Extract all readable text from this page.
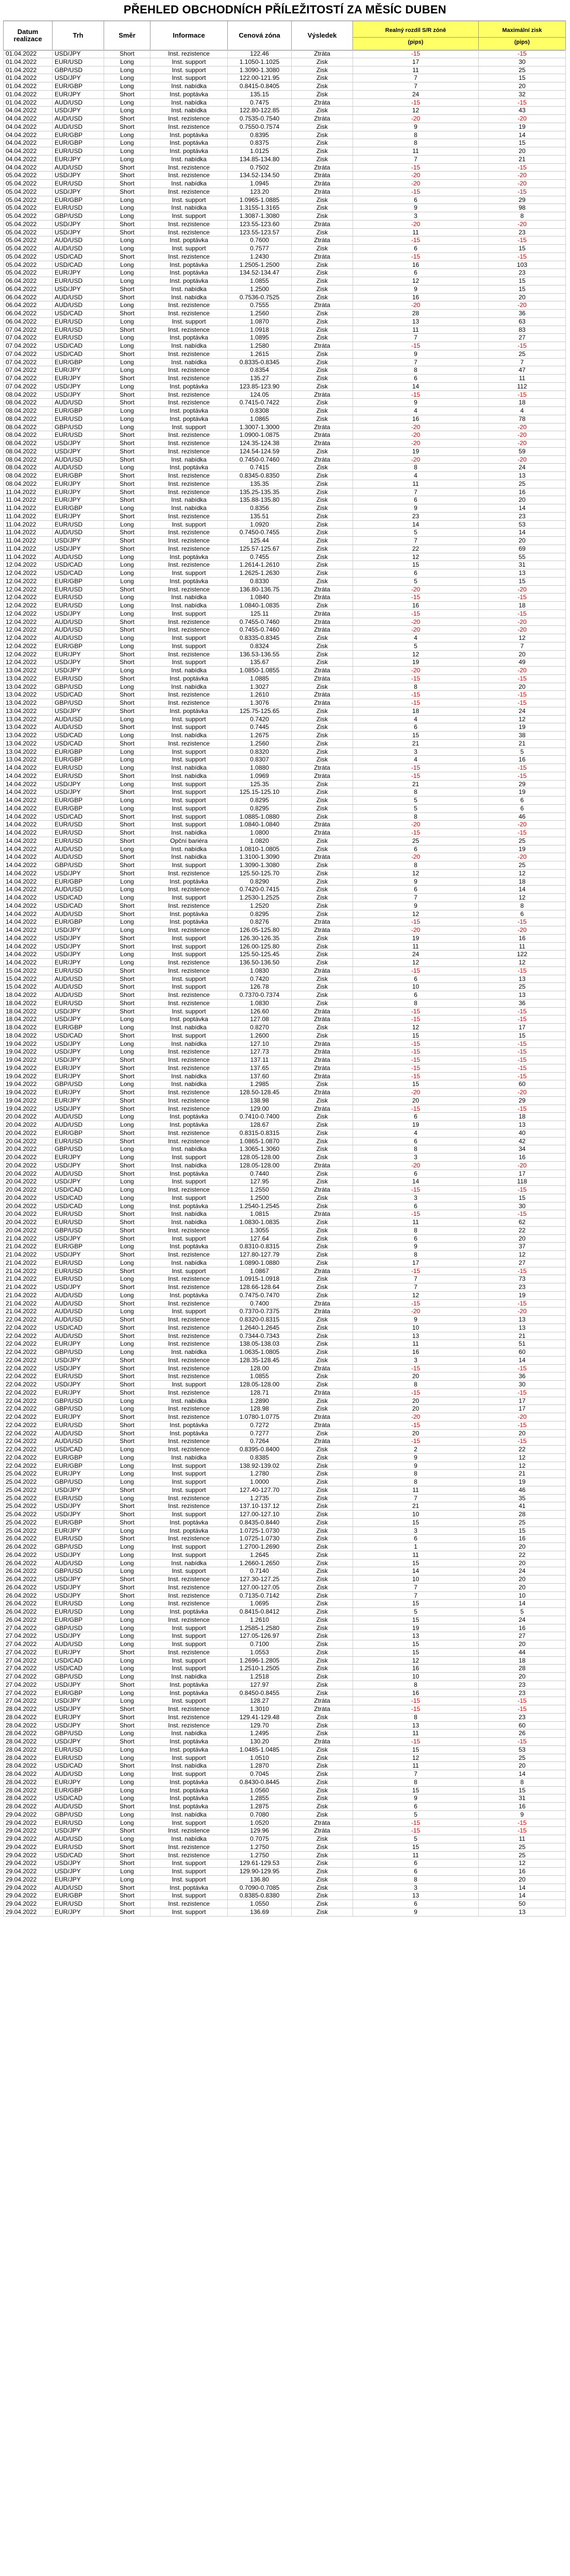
PŘEHLED OBCHODNÍCH PŘÍLEŽITOSTÍ ZA MĚSÍC DUBEN
Datum realizace	Trh	Směr	Informace	Cenová zóna	Výsledek
Realný rozdíl S/R zóně
(pips)
Maximální zisk
(pips)
01.04.2022	USD/JPY	Short	Inst. rezistence	122.46	Ztráta	-15	-15
01.04.2022	EUR/USD	Long	Inst. support	1.1050-1.1025	Zisk	17	30
01.04.2022	GBP/USD	Long	Inst. support	1.3090-1.3080	Zisk	11	25
01.04.2022	USD/JPY	Long	Inst. support	122.00-121.95	Zisk	7	15
01.04.2022	EUR/GBP	Long	Inst. nabídka	0.8415-0.8405	Zisk	7	20
01.04.2022	EUR/JPY	Short	Inst. poptávka	135.15	Zisk	24	32
01.04.2022	AUD/USD	Long	Inst. nabídka	0.7475	Ztráta	-15	-15
04.04.2022	USD/JPY	Long	Inst. nabídka	122.80-122.85	Zisk	12	43
04.04.2022	AUD/USD	Short	Inst. rezistence	0.7535-0.7540	Ztráta	-20	-20
04.04.2022	AUD/USD	Short	Inst. rezistence	0.7550-0.7574	Zisk	9	19
04.04.2022	EUR/GBP	Long	Inst. poptávka	0.8395	Zisk	8	14
04.04.2022	EUR/GBP	Long	Inst. poptávka	0.8375	Zisk	8	15
04.04.2022	EUR/USD	Long	Inst. poptávka	1.0125	Zisk	11	20
04.04.2022	EUR/JPY	Long	Inst. nabídka	134.85-134.80	Zisk	7	21
04.04.2022	AUD/USD	Short	Inst. rezistence	0.7502	Ztráta	-15	-15
05.04.2022	USD/JPY	Short	Inst. rezistence	134.52-134.50	Ztráta	-20	-20
05.04.2022	EUR/USD	Short	Inst. nabídka	1.0945	Ztráta	-20	-20
05.04.2022	USD/JPY	Short	Inst. rezistence	123.20	Ztráta	-15	-15
05.04.2022	EUR/GBP	Long	Inst. support	1.0965-1.0885	Zisk	6	29
05.04.2022	EUR/USD	Long	Inst. nabídka	1.3155-1.3165	Zisk	9	98
05.04.2022	GBP/USD	Long	Inst. support	1.3087-1.3080	Zisk	3	8
05.04.2022	USD/JPY	Short	Inst. rezistence	123.55-123.60	Ztráta	-20	-20
05.04.2022	USD/JPY	Short	Inst. rezistence	123.55-123.57	Zisk	11	23
05.04.2022	AUD/USD	Long	Inst. poptávka	0.7600	Ztráta	-15	-15
05.04.2022	AUD/USD	Long	Inst. support	0.7577	Zisk	6	15
05.04.2022	USD/CAD	Short	Inst. rezistence	1.2430	Ztráta	-15	-15
05.04.2022	USD/CAD	Long	Inst. poptávka	1.2505-1.2500	Zisk	16	103
05.04.2022	EUR/JPY	Long	Inst. poptávka	134.52-134.47	Zisk	6	23
06.04.2022	EUR/USD	Long	Inst. poptávka	1.0855	Zisk	12	15
06.04.2022	USD/JPY	Short	Inst. nabídka	1.2500	Zisk	9	15
06.04.2022	AUD/USD	Short	Inst. nabídka	0.7536-0.7525	Zisk	16	20
06.04.2022	AUD/USD	Long	Inst. rezistence	0.7555	Ztráta	-20	-20
06.04.2022	USD/CAD	Short	Inst. rezistence	1.2560	Zisk	28	36
06.04.2022	EUR/USD	Long	Inst. support	1.0870	Zisk	13	63
07.04.2022	EUR/USD	Short	Inst. rezistence	1.0918	Zisk	11	83
07.04.2022	EUR/USD	Long	Inst. poptávka	1.0895	Zisk	7	27
07.04.2022	USD/CAD	Long	Inst. nabídka	1.2580	Ztráta	-15	-15
07.04.2022	USD/CAD	Short	Inst. rezistence	1.2615	Zisk	9	25
07.04.2022	EUR/GBP	Long	Inst. nabídka	0.8335-0.8345	Zisk	7	7
07.04.2022	EUR/JPY	Long	Inst. rezistence	0.8354	Zisk	8	47
07.04.2022	EUR/JPY	Short	Inst. rezistence	135.27	Zisk	6	11
07.04.2022	USD/JPY	Long	Inst. poptávka	123.85-123.90	Zisk	14	112
08.04.2022	USD/JPY	Short	Inst. rezistence	124.05	Ztráta	-15	-15
08.04.2022	AUD/USD	Short	Inst. rezistence	0.7415-0.7422	Zisk	9	18
08.04.2022	EUR/GBP	Long	Inst. poptávka	0.8308	Zisk	4	4
08.04.2022	EUR/USD	Long	Inst. poptávka	1.0865	Zisk	16	78
08.04.2022	GBP/USD	Long	Inst. support	1.3007-1.3000	Ztráta	-20	-20
08.04.2022	EUR/USD	Short	Inst. rezistence	1.0900-1.0875	Ztráta	-20	-20
08.04.2022	USD/JPY	Short	Inst. rezistence	124.35-124.38	Ztráta	-20	-20
08.04.2022	USD/JPY	Short	Inst. rezistence	124.54-124.59	Zisk	19	59
08.04.2022	AUD/USD	Short	Inst. nabídka	0.7450-0.7460	Ztráta	-20	-20
08.04.2022	AUD/USD	Long	Inst. poptávka	0.7415	Zisk	8	24
08.04.2022	EUR/GBP	Short	Inst. rezistence	0.8345-0.8350	Zisk	4	13
08.04.2022	EUR/JPY	Short	Inst. rezistence	135.35	Zisk	11	25
11.04.2022	EUR/JPY	Short	Inst. rezistence	135.25-135.35	Zisk	7	16
11.04.2022	EUR/JPY	Short	Inst. nabídka	135.88-135.80	Zisk	6	20
11.04.2022	EUR/GBP	Long	Inst. nabídka	0.8356	Zisk	9	14
11.04.2022	EUR/JPY	Short	Inst. rezistence	135.51	Zisk	23	23
11.04.2022	EUR/USD	Long	Inst. support	1.0920	Zisk	14	53
11.04.2022	AUD/USD	Short	Inst. rezistence	0.7450-0.7455	Zisk	5	14
11.04.2022	USD/JPY	Short	Inst. rezistence	125.44	Zisk	7	20
11.04.2022	USD/JPY	Short	Inst. rezistence	125.57-125.67	Zisk	22	69
11.04.2022	AUD/USD	Long	Inst. poptávka	0.7455	Zisk	12	55
12.04.2022	USD/CAD	Long	Inst. rezistence	1.2614-1.2610	Zisk	15	31
12.04.2022	USD/CAD	Long	Inst. support	1.2625-1.2630	Zisk	6	13
12.04.2022	EUR/GBP	Long	Inst. poptávka	0.8330	Zisk	5	15
12.04.2022	EUR/USD	Short	Inst. rezistence	136.80-136.75	Ztráta	-20	-20
12.04.2022	EUR/USD	Long	Inst. nabídka	1.0840	Ztráta	-15	-15
12.04.2022	EUR/USD	Long	Inst. nabídka	1.0840-1.0835	Zisk	16	18
12.04.2022	USD/JPY	Long	Inst. support	125.11	Ztráta	-15	-15
12.04.2022	AUD/USD	Short	Inst. rezistence	0.7455-0.7460	Ztráta	-20	-20
12.04.2022	AUD/USD	Short	Inst. rezistence	0.7455-0.7460	Ztráta	-20	-20
12.04.2022	AUD/USD	Long	Inst. support	0.8335-0.8345	Zisk	4	12
12.04.2022	EUR/GBP	Long	Inst. support	0.8324	Zisk	5	7
12.04.2022	EUR/JPY	Short	Inst. rezistence	136.53-136.55	Zisk	12	20
12.04.2022	USD/JPY	Short	Inst. support	135.67	Zisk	19	49
13.04.2022	USD/JPY	Long	Inst. nabídka	1.0850-1.0855	Ztráta	-20	-20
13.04.2022	EUR/USD	Short	Inst. poptávka	1.0885	Ztráta	-15	-15
13.04.2022	GBP/USD	Long	Inst. nabídka	1.3027	Zisk	8	20
13.04.2022	USD/CAD	Short	Inst. rezistence	1.2610	Ztráta	-15	-15
13.04.2022	GBP/USD	Short	Inst. rezistence	1.3076	Ztráta	-15	-15
13.04.2022	USD/JPY	Short	Inst. poptávka	125.75-125.65	Zisk	18	24
13.04.2022	AUD/USD	Long	Inst. support	0.7420	Zisk	4	12
13.04.2022	AUD/USD	Short	Inst. support	0.7445	Zisk	6	19
13.04.2022	USD/CAD	Long	Inst. nabídka	1.2675	Zisk	15	38
13.04.2022	USD/CAD	Short	Inst. rezistence	1.2560	Zisk	21	21
13.04.2022	EUR/GBP	Long	Inst. support	0.8320	Zisk	3	5
13.04.2022	EUR/GBP	Long	Inst. support	0.8307	Zisk	4	16
14.04.2022	EUR/USD	Long	Inst. nabídka	1.0880	Ztráta	-15	-15
14.04.2022	EUR/USD	Short	Inst. nabídka	1.0969	Ztráta	-15	-15
14.04.2022	USD/JPY	Long	Inst. support	125.35	Zisk	21	29
14.04.2022	USD/JPY	Short	Inst. support	125.15-125.10	Zisk	8	19
14.04.2022	EUR/GBP	Long	Inst. support	0.8295	Zisk	5	6
14.04.2022	EUR/GBP	Long	Inst. support	0.8295	Zisk	5	6
14.04.2022	USD/CAD	Short	Inst. support	1.0885-1.0880	Zisk	8	46
14.04.2022	EUR/USD	Short	Inst. support	1.0840-1.0840	Ztráta	-20	-20
14.04.2022	EUR/USD	Short	Inst. nabídka	1.0800	Ztráta	-15	-15
14.04.2022	EUR/USD	Short	Opční bariéra	1.0820	Zisk	25	25
14.04.2022	AUD/USD	Long	Inst. nabídka	1.0810-1.0805	Zisk	6	19
14.04.2022	AUD/USD	Short	Inst. nabídka	1.3100-1.3090	Ztráta	-20	-20
14.04.2022	GBP/USD	Short	Inst. support	1.3090-1.3080	Zisk	8	25
14.04.2022	USD/JPY	Short	Inst. rezistence	125.50-125.70	Zisk	12	12
14.04.2022	EUR/GBP	Long	Inst. poptávka	0.8290	Zisk	9	18
14.04.2022	AUD/USD	Long	Inst. rezistence	0.7420-0.7415	Zisk	6	14
14.04.2022	USD/CAD	Long	Inst. support	1.2530-1.2525	Zisk	7	12
14.04.2022	USD/CAD	Short	Inst. rezistence	1.2520	Zisk	9	8
14.04.2022	AUD/USD	Short	Inst. poptávka	0.8295	Zisk	12	6
14.04.2022	EUR/GBP	Long	Inst. poptávka	0.8276	Ztráta	-15	-15
14.04.2022	USD/JPY	Long	Inst. rezistence	126.05-125.80	Ztráta	-20	-20
14.04.2022	USD/JPY	Short	Inst. support	126.30-126.35	Zisk	19	16
14.04.2022	USD/JPY	Short	Inst. support	126.00-125.80	Zisk	11	11
14.04.2022	USD/JPY	Long	Inst. support	125.50-125.45	Zisk	24	122
14.04.2022	EUR/JPY	Long	Inst. rezistence	136.50-136.50	Zisk	12	12
15.04.2022	EUR/USD	Short	Inst. rezistence	1.0830	Ztráta	-15	-15
15.04.2022	AUD/USD	Short	Inst. support	0.7420	Zisk	6	13
15.04.2022	AUD/USD	Short	Inst. support	126.78	Zisk	10	25
18.04.2022	AUD/USD	Short	Inst. rezistence	0.7370-0.7374	Zisk	6	13
18.04.2022	EUR/USD	Short	Inst. rezistence	1.0830	Zisk	8	36
18.04.2022	USD/JPY	Short	Inst. support	126.60	Ztráta	-15	-15
18.04.2022	USD/JPY	Long	Inst. poptávka	127.08	Ztráta	-15	-15
18.04.2022	EUR/GBP	Long	Inst. nabídka	0.8270	Zisk	12	17
18.04.2022	USD/CAD	Short	Inst. support	1.2600	Zisk	15	15
19.04.2022	USD/JPY	Long	Inst. nabídka	127.10	Ztráta	-15	-15
19.04.2022	USD/JPY	Long	Inst. rezistence	127.73	Ztráta	-15	-15
19.04.2022	USD/JPY	Short	Inst. rezistence	137.11	Ztráta	-15	-15
19.04.2022	EUR/JPY	Short	Inst. rezistence	137.65	Ztráta	-15	-15
19.04.2022	EUR/JPY	Short	Inst. nabídka	137.60	Ztráta	-15	-15
19.04.2022	GBP/USD	Long	Inst. nabídka	1.2985	Zisk	15	60
19.04.2022	EUR/JPY	Short	Inst. rezistence	128.50-128.45	Ztráta	-20	-20
19.04.2022	EUR/JPY	Short	Inst. rezistence	138.98	Zisk	20	29
19.04.2022	USD/JPY	Short	Inst. rezistence	129.00	Ztráta	-15	-15
20.04.2022	AUD/USD	Long	Inst. poptávka	0.7410-0.7400	Zisk	6	18
20.04.2022	AUD/USD	Long	Inst. poptávka	128.67	Zisk	19	13
20.04.2022	EUR/GBP	Short	Inst. rezistence	0.8315-0.8315	Zisk	4	40
20.04.2022	EUR/USD	Short	Inst. rezistence	1.0865-1.0870	Zisk	6	42
20.04.2022	GBP/USD	Long	Inst. nabídka	1.3065-1.3060	Zisk	8	34
20.04.2022	EUR/JPY	Long	Inst. support	128.05-128.00	Zisk	3	16
20.04.2022	USD/JPY	Short	Inst. nabídka	128.05-128.00	Ztráta	-20	-20
20.04.2022	AUD/USD	Short	Inst. poptávka	0.7440	Zisk	6	17
20.04.2022	USD/JPY	Long	Inst. support	127.95	Zisk	14	118
20.04.2022	USD/CAD	Long	Inst. rezistence	1.2550	Ztráta	-15	-15
20.04.2022	USD/CAD	Long	Inst. support	1.2500	Zisk	3	15
20.04.2022	USD/CAD	Long	Inst. poptávka	1.2540-1.2545	Zisk	6	30
20.04.2022	EUR/USD	Short	Inst. nabídka	1.0815	Ztráta	-15	-15
20.04.2022	EUR/USD	Short	Inst. nabídka	1.0830-1.0835	Zisk	11	62
20.04.2022	GBP/USD	Short	Inst. rezistence	1.3055	Zisk	8	22
21.04.2022	USD/JPY	Short	Inst. support	127.64	Zisk	6	20
21.04.2022	EUR/GBP	Long	Inst. poptávka	0.8310-0.8315	Zisk	9	37
21.04.2022	USD/JPY	Short	Inst. rezistence	127.80-127.79	Zisk	8	12
21.04.2022	EUR/USD	Long	Inst. nabídka	1.0890-1.0880	Zisk	17	27
21.04.2022	EUR/USD	Short	Inst. support	1.0867	Ztráta	-15	-15
21.04.2022	EUR/USD	Long	Inst. rezistence	1.0915-1.0918	Zisk	7	73
21.04.2022	USD/JPY	Short	Inst. rezistence	128.66-128.64	Zisk	7	23
21.04.2022	AUD/USD	Long	Inst. poptávka	0.7475-0.7470	Zisk	12	19
21.04.2022	AUD/USD	Short	Inst. rezistence	0.7400	Ztráta	-15	-15
21.04.2022	AUD/USD	Long	Inst. support	0.7370-0.7375	Ztráta	-20	-20
22.04.2022	AUD/USD	Short	Inst. rezistence	0.8320-0.8315	Zisk	9	13
22.04.2022	USD/CAD	Short	Inst. rezistence	1.2640-1.2645	Zisk	10	13
22.04.2022	AUD/USD	Short	Inst. rezistence	0.7344-0.7343	Zisk	13	21
22.04.2022	EUR/JPY	Long	Inst. rezistence	138.05-138.03	Zisk	11	51
22.04.2022	GBP/USD	Long	Inst. nabídka	1.0635-1.0805	Zisk	16	60
22.04.2022	USD/JPY	Short	Inst. rezistence	128.35-128.45	Zisk	3	14
22.04.2022	USD/JPY	Short	Inst. rezistence	128.00	Ztráta	-15	-15
22.04.2022	EUR/USD	Short	Inst. rezistence	1.0855	Zisk	20	36
22.04.2022	USD/JPY	Short	Inst. support	128.05-128.00	Zisk	8	30
22.04.2022	EUR/JPY	Short	Inst. rezistence	128.71	Ztráta	-15	-15
22.04.2022	GBP/USD	Long	Inst. nabídka	1.2890	Zisk	20	17
22.04.2022	GBP/USD	Long	Inst. rezistence	128.98	Zisk	20	17
22.04.2022	EUR/JPY	Short	Inst. rezistence	1.0780-1.0775	Ztráta	-20	-20
22.04.2022	EUR/USD	Short	Inst. poptávka	0.7272	Ztráta	-15	-15
22.04.2022	AUD/USD	Short	Inst. poptávka	0.7277	Zisk	20	20
22.04.2022	AUD/USD	Short	Inst. rezistence	0.7264	Ztráta	-15	-15
22.04.2022	USD/CAD	Long	Inst. rezistence	0.8395-0.8400	Zisk	2	22
22.04.2022	EUR/GBP	Long	Inst. nabídka	0.8385	Zisk	9	12
22.04.2022	EUR/GBP	Long	Inst. support	138.92-139.02	Zisk	9	12
25.04.2022	EUR/JPY	Long	Inst. support	1.2780	Zisk	8	21
25.04.2022	GBP/USD	Long	Inst. support	1.0000	Zisk	8	19
25.04.2022	USD/JPY	Short	Inst. support	127.40-127.70	Zisk	11	46
25.04.2022	EUR/USD	Long	Inst. rezistence	1.2735	Zisk	7	35
25.04.2022	USD/JPY	Short	Inst. rezistence	137.10-137.12	Zisk	21	41
25.04.2022	USD/JPY	Short	Inst. support	127.00-127.10	Zisk	10	28
25.04.2022	EUR/GBP	Short	Inst. poptávka	0.8435-0.8440	Zisk	15	25
25.04.2022	EUR/JPY	Long	Inst. poptávka	1.0725-1.0730	Zisk	3	15
26.04.2022	EUR/USD	Short	Inst. rezistence	1.0725-1.0730	Zisk	6	16
26.04.2022	GBP/USD	Long	Inst. support	1.2700-1.2690	Zisk	1	20
26.04.2022	USD/JPY	Long	Inst. support	1.2645	Zisk	11	22
26.04.2022	AUD/USD	Long	Inst. nabídka	1.2660-1.2650	Zisk	15	20
26.04.2022	GBP/USD	Long	Inst. support	0.7140	Zisk	14	24
26.04.2022	USD/JPY	Short	Inst. rezistence	127.30-127.25	Zisk	10	20
26.04.2022	USD/JPY	Short	Inst. rezistence	127.00-127.05	Zisk	7	20
26.04.2022	USD/JPY	Short	Inst. rezistence	0.7135-0.7142	Zisk	7	10
26.04.2022	EUR/USD	Long	Inst. rezistence	1.0695	Zisk	15	14
26.04.2022	EUR/USD	Long	Inst. poptávka	0.8415-0.8412	Zisk	5	5
26.04.2022	EUR/GBP	Long	Inst. rezistence	1.2610	Zisk	15	24
27.04.2022	GBP/USD	Long	Inst. support	1.2585-1.2580	Zisk	19	16
27.04.2022	USD/JPY	Long	Inst. support	127.05-126.97	Zisk	13	27
27.04.2022	AUD/USD	Long	Inst. support	0.7100	Zisk	15	20
27.04.2022	EUR/JPY	Short	Inst. rezistence	1.0553	Zisk	15	44
27.04.2022	USD/CAD	Long	Inst. support	1.2696-1.2805	Zisk	12	18
27.04.2022	USD/CAD	Long	Inst. support	1.2510-1.2505	Zisk	16	28
27.04.2022	GBP/USD	Long	Inst. nabídka	1.2518	Zisk	10	20
27.04.2022	USD/JPY	Short	Inst. poptávka	127.97	Zisk	8	23
27.04.2022	EUR/GBP	Long	Inst. poptávka	0.8450-0.8455	Zisk	16	23
27.04.2022	USD/JPY	Long	Inst. support	128.27	Ztráta	-15	-15
28.04.2022	USD/JPY	Short	Inst. rezistence	1.3010	Ztráta	-15	-15
28.04.2022	EUR/JPY	Short	Inst. rezistence	129.41-129.48	Zisk	8	23
28.04.2022	USD/JPY	Short	Inst. rezistence	129.70	Zisk	13	60
28.04.2022	GBP/USD	Long	Inst. nabídka	1.2495	Zisk	11	26
28.04.2022	USD/JPY	Short	Inst. poptávka	130.20	Ztráta	-15	-15
28.04.2022	EUR/USD	Long	Inst. poptávka	1.0485-1.0485	Zisk	15	53
28.04.2022	EUR/USD	Long	Inst. support	1.0510	Zisk	12	25
28.04.2022	USD/CAD	Short	Inst. nabídka	1.2870	Zisk	11	20
28.04.2022	AUD/USD	Long	Inst. support	0.7045	Zisk	7	14
28.04.2022	EUR/JPY	Long	Inst. poptávka	0.8430-0.8445	Zisk	8	8
28.04.2022	EUR/GBP	Long	Inst. poptávka	1.0560	Zisk	15	15
28.04.2022	USD/CAD	Long	Inst. poptávka	1.2855	Zisk	9	31
28.04.2022	AUD/USD	Short	Inst. poptávka	1.2875	Zisk	6	16
29.04.2022	GBP/USD	Long	Inst. nabídka	0.7080	Zisk	5	9
29.04.2022	EUR/USD	Long	Inst. support	1.0520	Ztráta	-15	-15
29.04.2022	USD/JPY	Short	Inst. rezistence	129.96	Ztráta	-15	-15
29.04.2022	AUD/USD	Long	Inst. nabídka	0.7075	Zisk	5	11
29.04.2022	EUR/USD	Short	Inst. rezistence	1.2750	Zisk	15	25
29.04.2022	USD/CAD	Short	Inst. rezistence	1.2750	Zisk	11	25
29.04.2022	USD/JPY	Short	Inst. support	129.61-129.53	Zisk	6	12
29.04.2022	USD/JPY	Long	Inst. support	129.90-129.95	Zisk	6	16
29.04.2022	EUR/JPY	Long	Inst. support	136.80	Zisk	8	20
29.04.2022	AUD/USD	Short	Inst. poptávka	0.7090-0.7085	Zisk	3	14
29.04.2022	EUR/GBP	Short	Inst. support	0.8385-0.8380	Zisk	13	14
29.04.2022	EUR/USD	Short	Inst. rezistence	1.0550	Zisk	6	50
29.04.2022	EUR/JPY	Short	Inst. support	136.69	Zisk	9	13
